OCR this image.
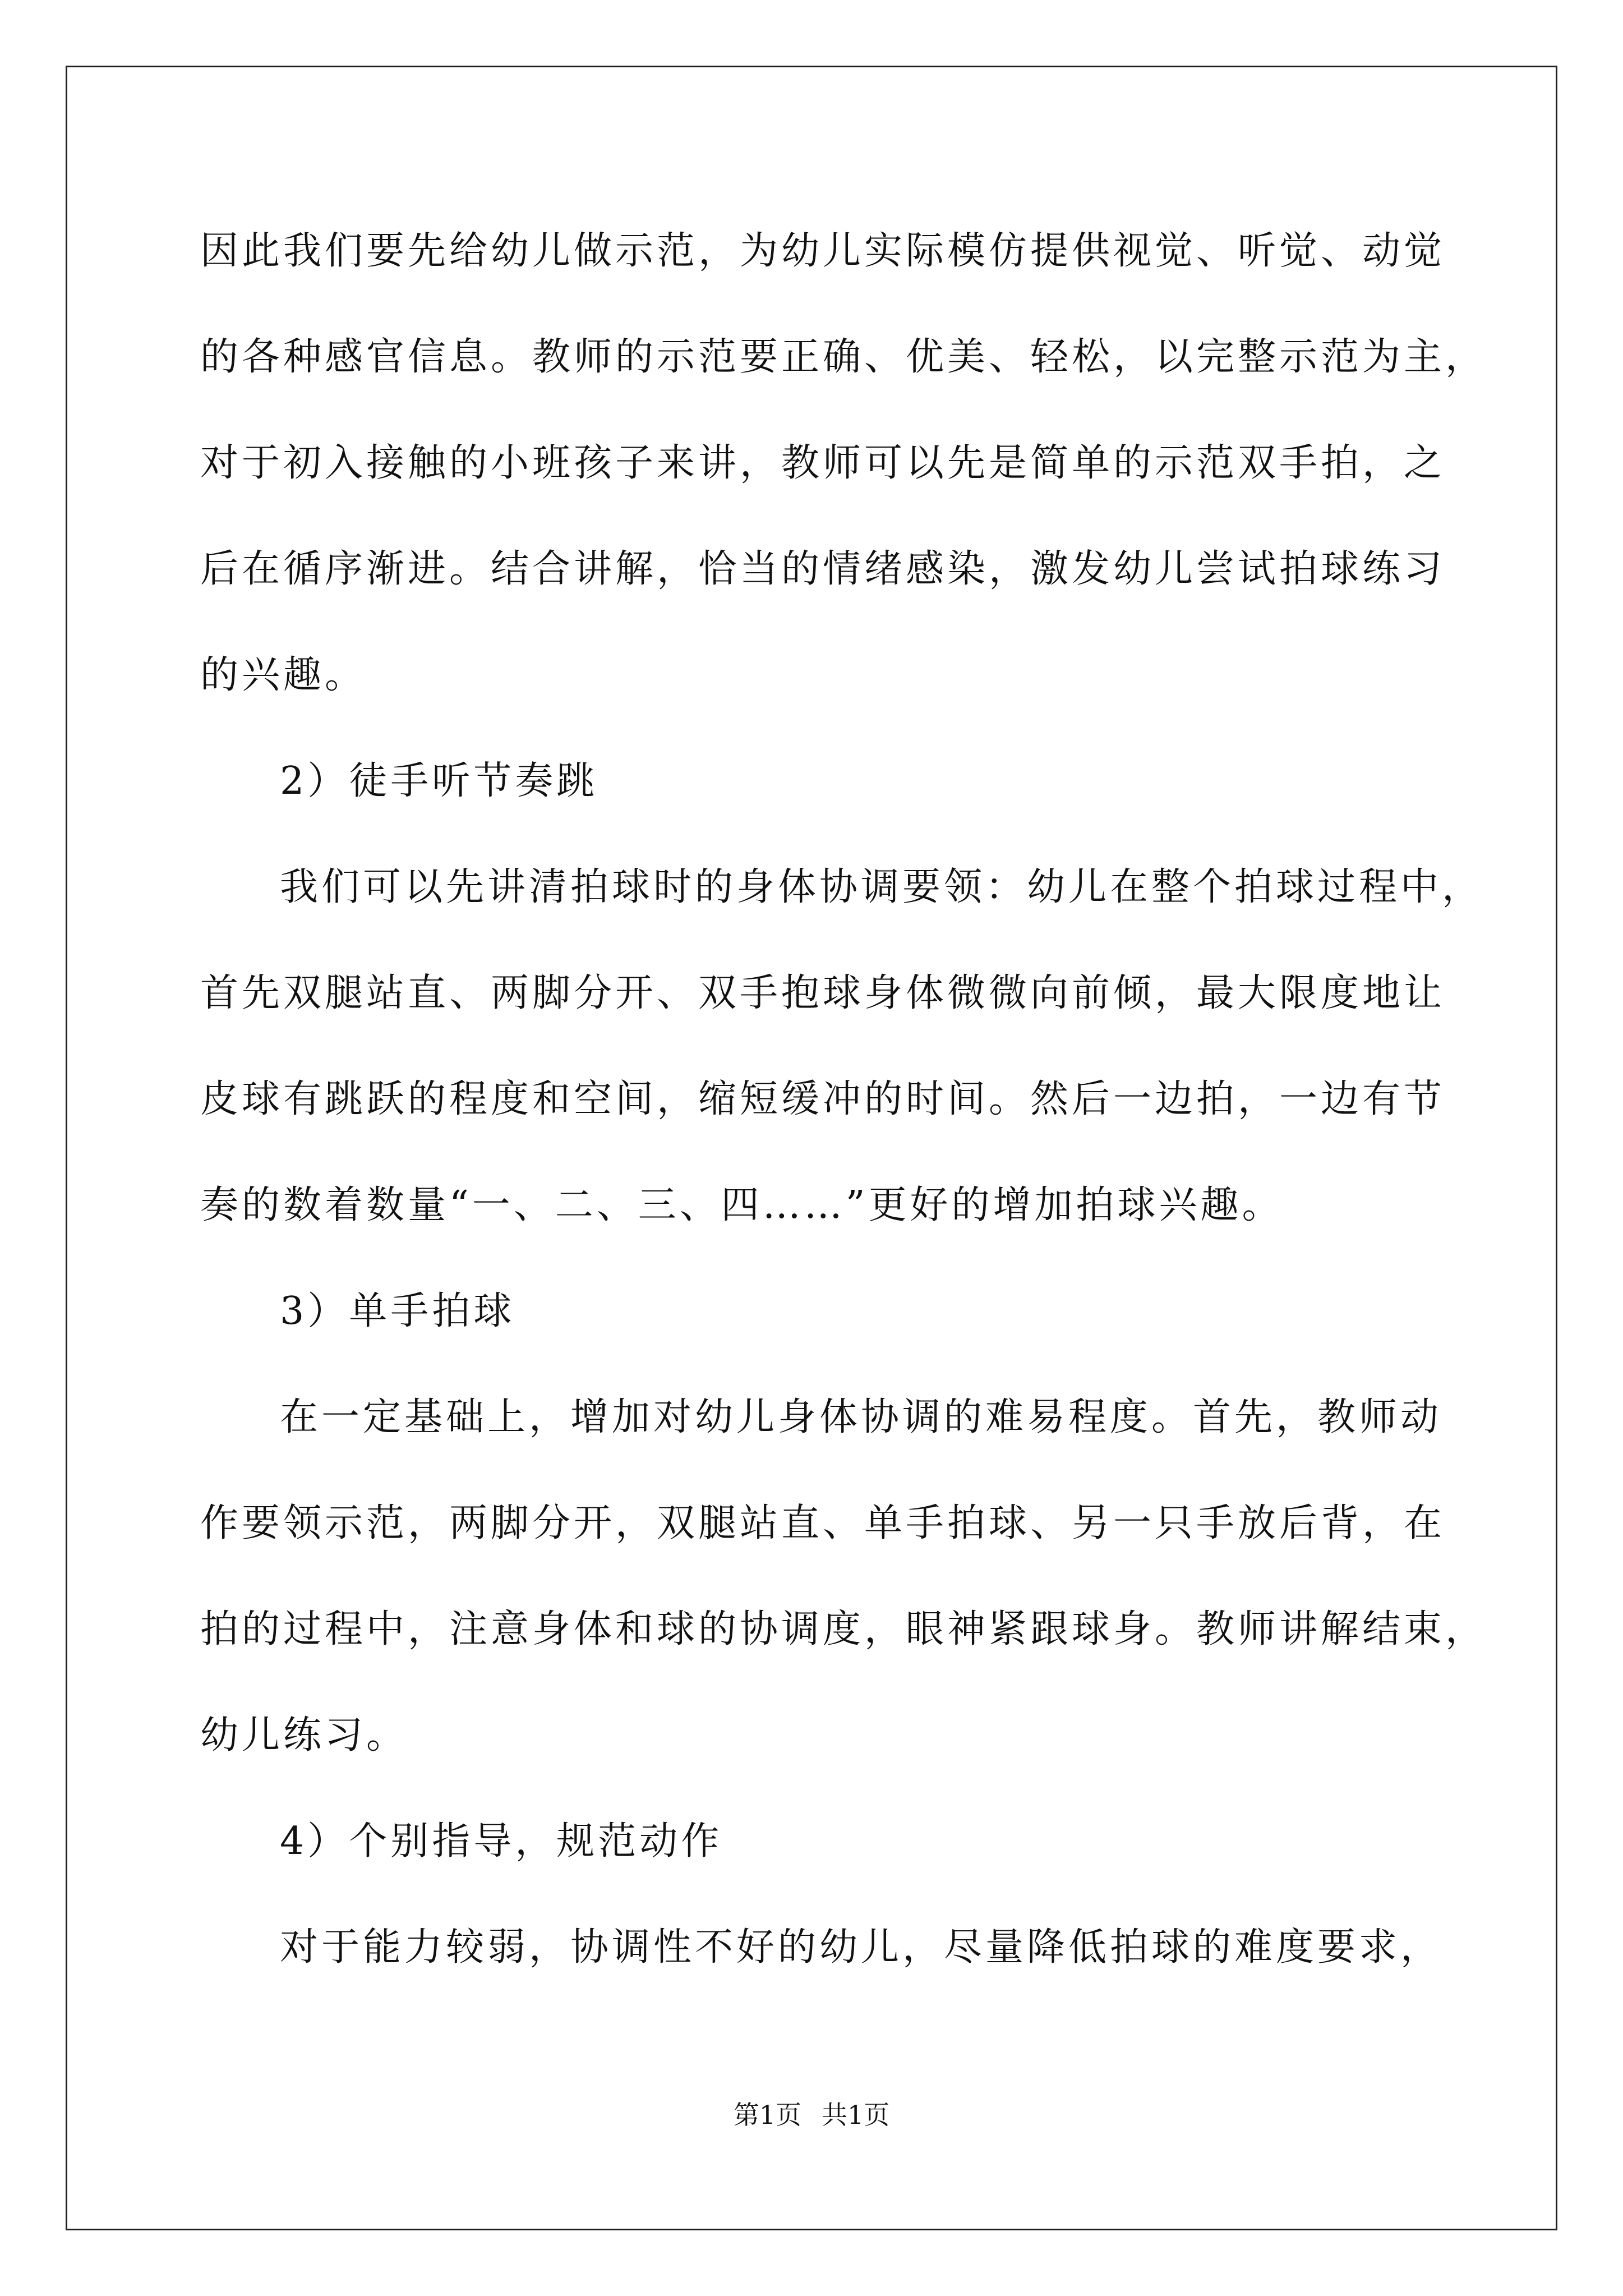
因此我们要先给幼儿做示范，为幼儿实际模仿提供视觉、听觉、动觉
的各种感官信息。教师的示范要正确、优美、轻松，以完整示范为主，
对于初入接触的小班孩子来讲，教师可以先是简单的示范双手拍，之
后在循序渐进。结合讲解，恰当的情绪感染，激发幼儿尝试拍球练习
的兴趣。
2）徒手听节奏跳
我们可以先讲清拍球时的身体协调要领：幼儿在整个拍球过程中，
首先双腿站直、两脚分开、双手抱球身体微微向前倾，最大限度地让
皮球有跳跃的程度和空间，缩短缓冲的时间。然后一边拍，一边有节
奏的数着数量“一、二、三、四……”更好的增加拍球兴趣。
3）单手拍球
在一定基础上，增加对幼儿身体协调的难易程度。首先，教师动
作要领示范，两脚分开，双腿站直、单手拍球、另一只手放后背，在
拍的过程中，注意身体和球的协调度，眼神紧跟球身。教师讲解结束，
幼儿练习。
4）个别指导，规范动作
对于能力较弱，协调性不好的幼儿，尽量降低拍球的难度要求，
第1页 共1页
